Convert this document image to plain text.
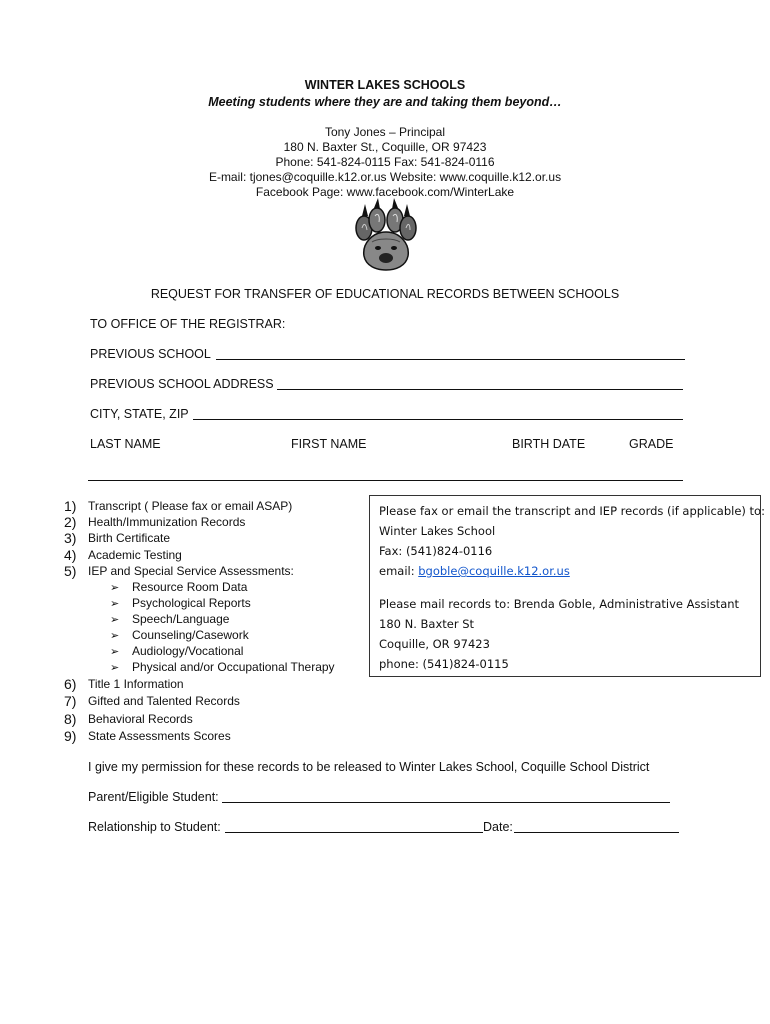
WINTER LAKES SCHOOLS
Meeting students where they are and taking them beyond…
Tony Jones – Principal
180 N. Baxter St., Coquille, OR 97423
Phone: 541-824-0115 Fax: 541-824-0116
E-mail: tjones@coquille.k12.or.us Website: www.coquille.k12.or.us
Facebook Page: www.facebook.com/WinterLake
REQUEST FOR TRANSFER OF EDUCATIONAL RECORDS BETWEEN SCHOOLS
TO OFFICE OF THE REGISTRAR:
PREVIOUS SCHOOL
PREVIOUS SCHOOL ADDRESS
CITY, STATE, ZIP
LAST NAME	FIRST NAME	BIRTH DATE	GRADE
1) Transcript ( Please fax or email ASAP)
2) Health/Immunization Records
3) Birth Certificate
4) Academic Testing
5) IEP and Special Service Assessments:
➢ Resource Room Data
➢ Psychological Reports
➢ Speech/Language
➢ Counseling/Casework
➢ Audiology/Vocational
➢ Physical and/or Occupational Therapy
6) Title 1 Information
7) Gifted and Talented Records
8) Behavioral Records
9) State Assessments Scores
Please fax or email the transcript and IEP records (if applicable) to:
Winter Lakes School
Fax: (541)824-0116
email: bgoble@coquille.k12.or.us
Please mail records to: Brenda Goble, Administrative Assistant
180 N. Baxter St
Coquille, OR 97423
phone: (541)824-0115
I give my permission for these records to be released to Winter Lakes School, Coquille School District
Parent/Eligible Student:
Relationship to Student:	Date:
